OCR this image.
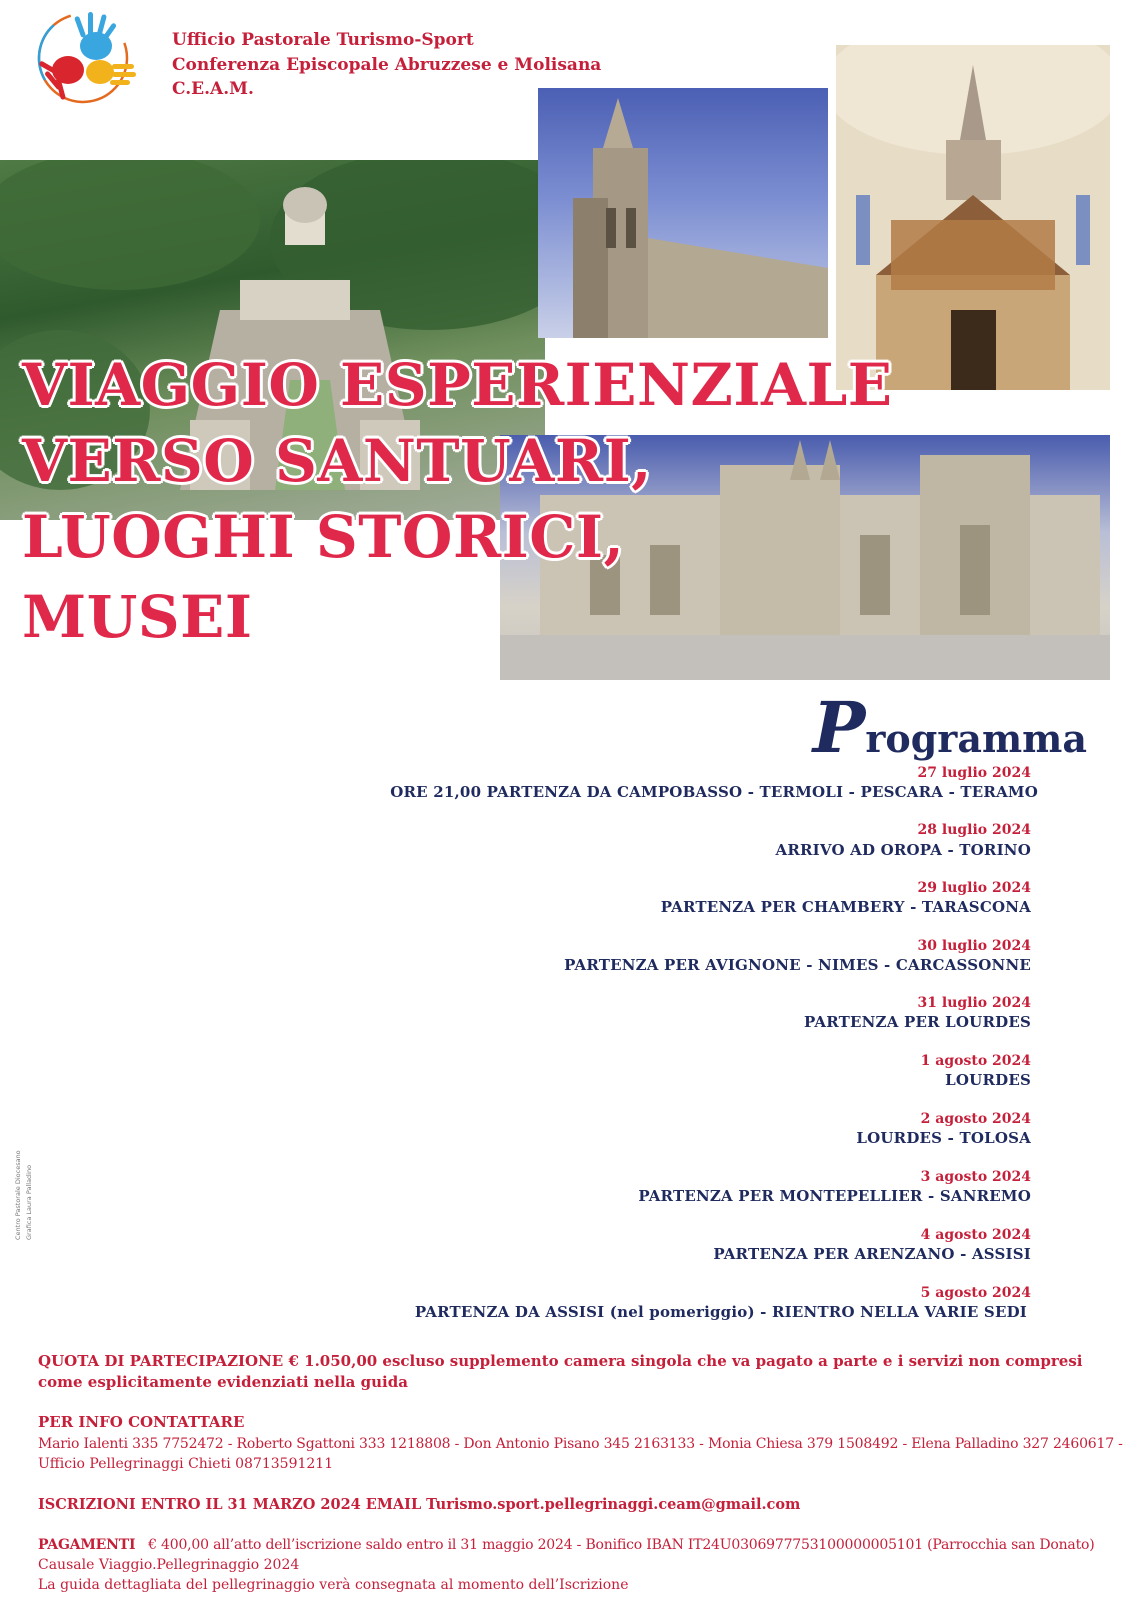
Ufficio Pastorale Turismo-Sport
Conferenza Episcopale Abruzzese e Molisana
C.E.A.M.
VIAGGIO ESPERIENZIALE
VERSO SANTUARI,
LUOGHI STORICI,
MUSEI
Programma
27 luglio 2024
ORE 21,00 PARTENZA DA CAMPOBASSO - TERMOLI - PESCARA - TERAMO
28 luglio 2024
ARRIVO AD OROPA - TORINO
29 luglio 2024
PARTENZA PER CHAMBERY - TARASCONA
30 luglio 2024
PARTENZA PER AVIGNONE - NIMES - CARCASSONNE
31 luglio 2024
PARTENZA PER LOURDES
1 agosto 2024
LOURDES
2 agosto 2024
LOURDES - TOLOSA
3 agosto 2024
PARTENZA PER MONTEPELLIER - SANREMO
4 agosto 2024
PARTENZA PER ARENZANO - ASSISI
5 agosto 2024
PARTENZA DA ASSISI (nel pomeriggio) - RIENTRO NELLA VARIE SEDI
Centro Pastorale Diocesano Grafica Laura Palladino
QUOTA DI PARTECIPAZIONE € 1.050,00 escluso supplemento camera singola che va pagato a parte e i servizi non compresi
come esplicitamente evidenziati nella guida
PER INFO CONTATTARE
Mario Ialenti 335 7752472 - Roberto Sgattoni 333 1218808 - Don Antonio Pisano 345 2163133 - Monia Chiesa 379 1508492 - Elena Palladino 327 2460617 -
Ufficio Pellegrinaggi Chieti 08713591211
ISCRIZIONI ENTRO IL 31 MARZO 2024 EMAIL Turismo.sport.pellegrinaggi.ceam@gmail.com
PAGAMENTI € 400,00 all’atto dell’iscrizione saldo entro il 31 maggio 2024 - Bonifico IBAN IT24U0306977753100000005101 (Parrocchia san Donato)
Causale Viaggio.Pellegrinaggio 2024
La guida dettagliata del pellegrinaggio verà consegnata al momento dell’Iscrizione
